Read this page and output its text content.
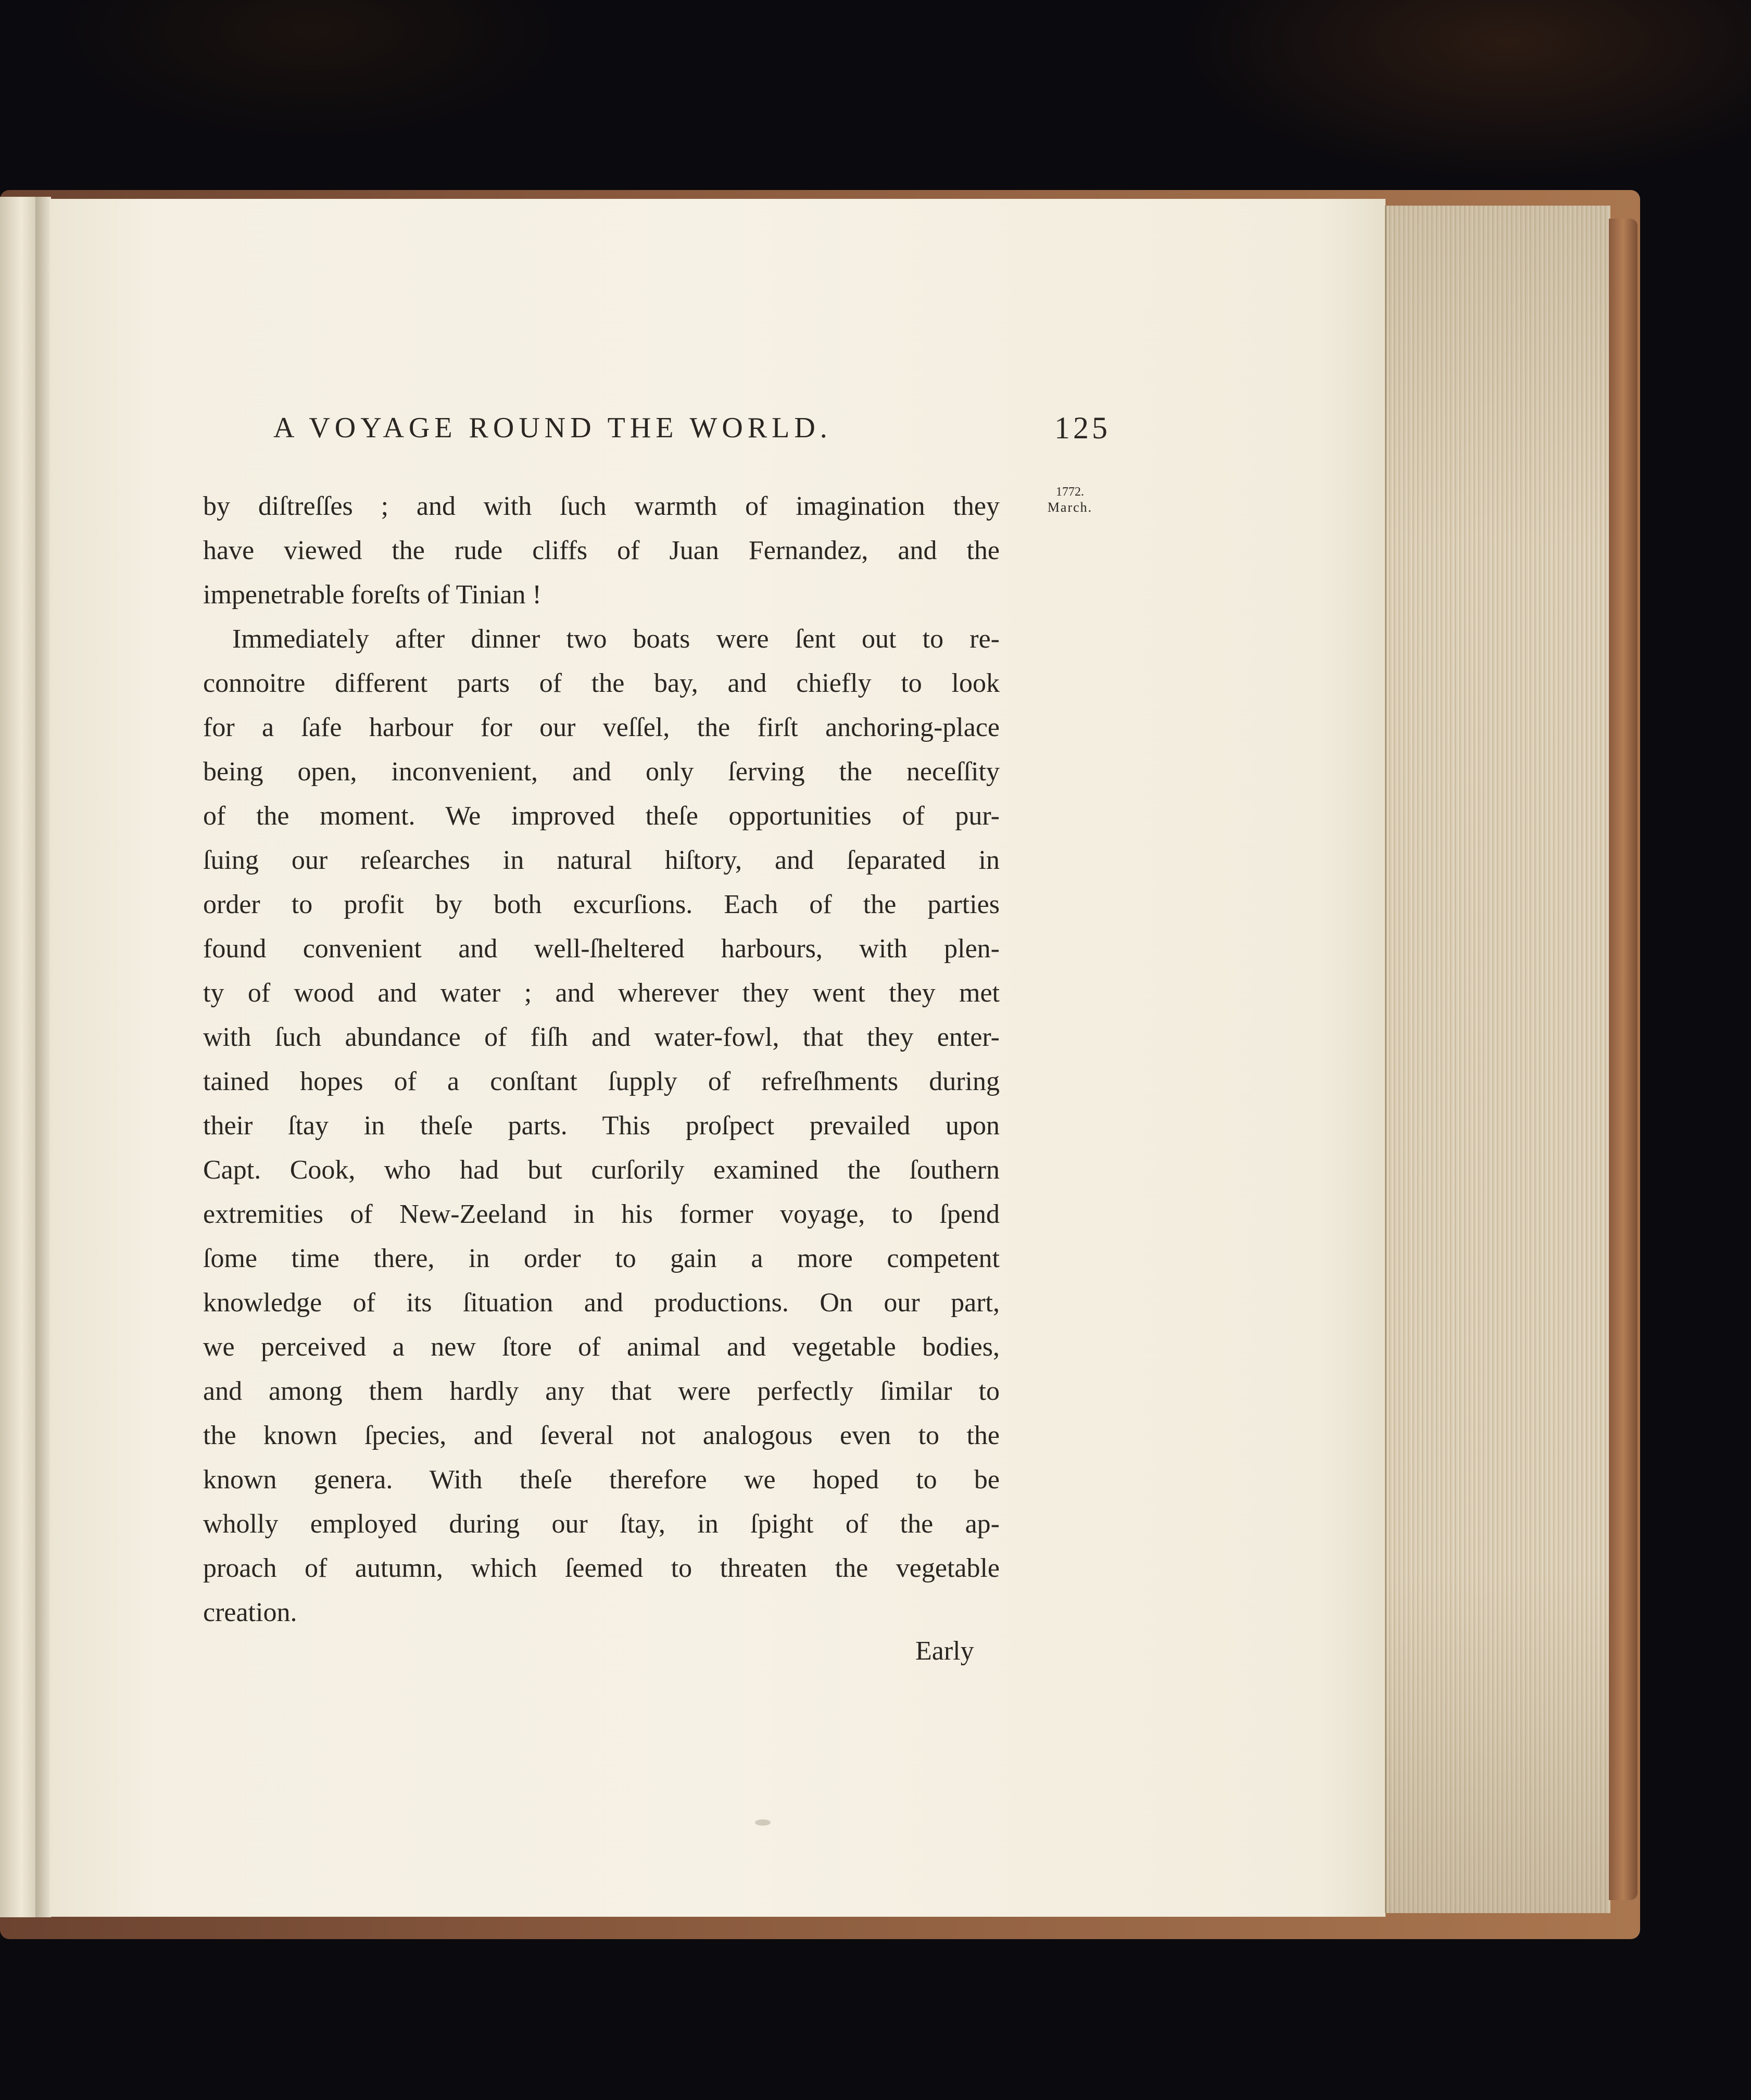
A VOYAGE ROUND THE WORLD.	125
1772.
March.
by diſtreſſes ; and with ſuch warmth of imagination they
have viewed the rude cliffs of Juan Fernandez, and the
impenetrable foreſts of Tinian !
Immediately after dinner two boats were ſent out to re-
connoitre different parts of the bay, and chiefly to look
for a ſafe harbour for our veſſel, the firſt anchoring-place
being open, inconvenient, and only ſerving the neceſſity
of the moment. We improved theſe opportunities of pur-
ſuing our reſearches in natural hiſtory, and ſeparated in
order to profit by both excurſions. Each of the parties
found convenient and well-ſheltered harbours, with plen-
ty of wood and water ; and wherever they went they met
with ſuch abundance of fiſh and water-fowl, that they enter-
tained hopes of a conſtant ſupply of refreſhments during
their ſtay in theſe parts. This proſpect prevailed upon
Capt. Cook, who had but curſorily examined the ſouthern
extremities of New-Zeeland in his former voyage, to ſpend
ſome time there, in order to gain a more competent
knowledge of its ſituation and productions. On our part,
we perceived a new ſtore of animal and vegetable bodies,
and among them hardly any that were perfectly ſimilar to
the known ſpecies, and ſeveral not analogous even to the
known genera. With theſe therefore we hoped to be
wholly employed during our ſtay, in ſpight of the ap-
proach of autumn, which ſeemed to threaten the vegetable
creation.
Early
